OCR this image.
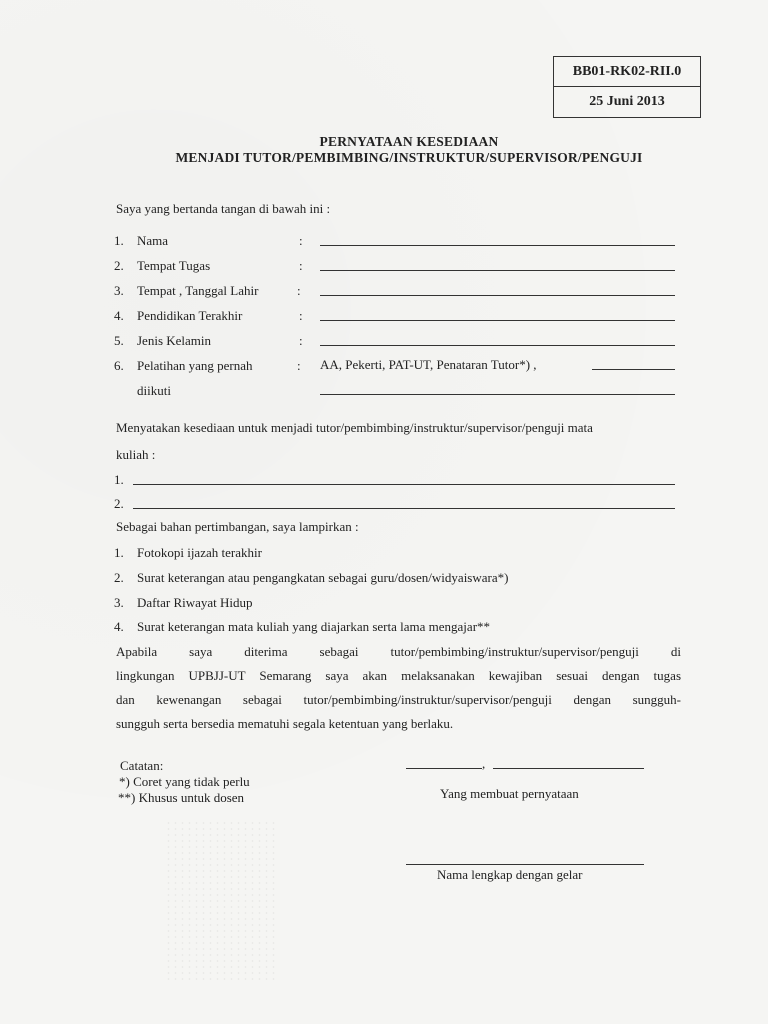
BB01-RK02-RII.0
25 Juni 2013
PERNYATAAN KESEDIAAN
MENJADI TUTOR/PEMBIMBING/INSTRUKTUR/SUPERVISOR/PENGUJI
Saya yang bertanda tangan di bawah ini :
1. Nama	:
2. Tempat Tugas	:
3. Tempat , Tanggal Lahir	:
4. Pendidikan Terakhir	:
5. Jenis Kelamin	:
6. Pelatihan yang pernah	: AA, Pekerti, PAT-UT, Penataran Tutor*) ,
diikuti
Menyatakan kesediaan untuk menjadi tutor/pembimbing/instruktur/supervisor/penguji mata
kuliah :
1.
2.
Sebagai bahan pertimbangan, saya lampirkan :
1. Fotokopi ijazah terakhir
2. Surat keterangan atau pengangkatan sebagai guru/dosen/widyaiswara*)
3. Daftar Riwayat Hidup
4. Surat keterangan mata kuliah yang diajarkan serta lama mengajar**
Apabila saya diterima sebagai tutor/pembimbing/instruktur/supervisor/penguji di
lingkungan UPBJJ-UT Semarang saya akan melaksanakan kewajiban sesuai dengan tugas
dan kewenangan sebagai tutor/pembimbing/instruktur/supervisor/penguji dengan sungguh-
sungguh serta bersedia mematuhi segala ketentuan yang berlaku.
Catatan:
*) Coret yang tidak perlu
**) Khusus untuk dosen
,
Yang membuat pernyataan
Nama lengkap dengan gelar
